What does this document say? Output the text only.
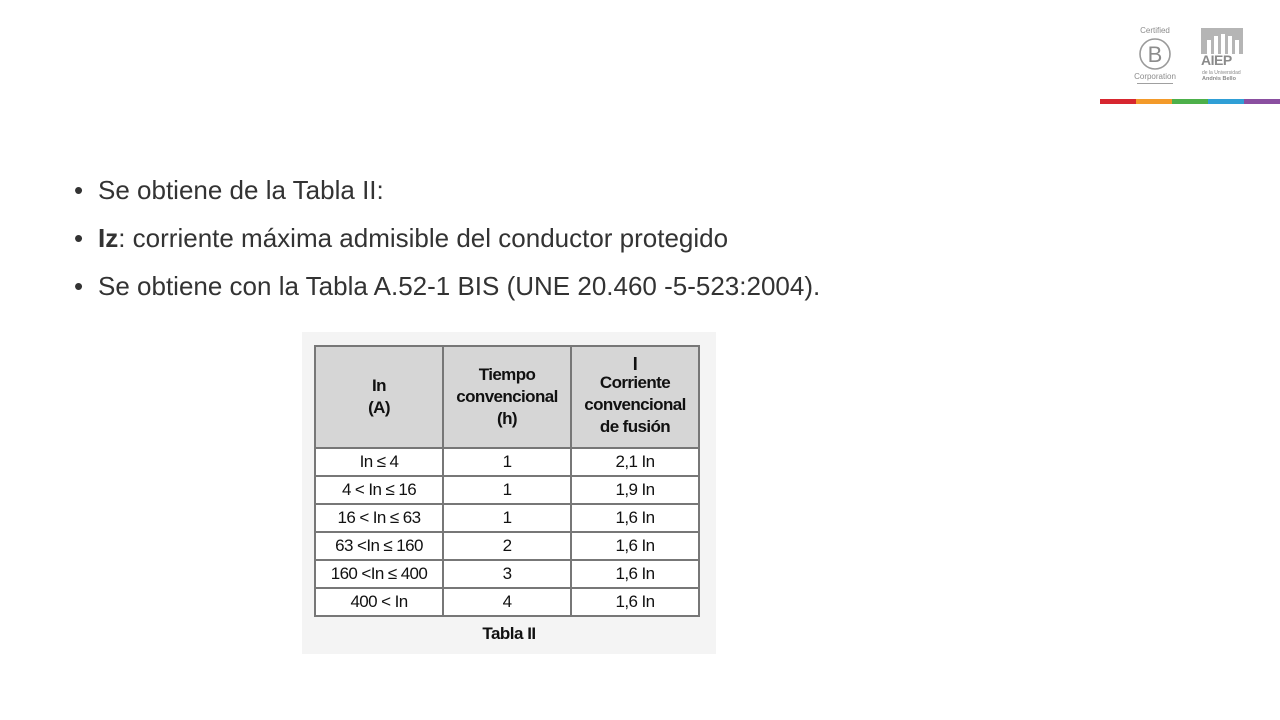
Certified
Corporation
B	AIEP
de la Universidad
Andrés Bello
• Se obtiene de la Tabla II:
• Iz: corriente máxima admisible del conductor protegido
• Se obtiene con la Tabla A.52-1 BIS (UNE 20.460 -5-523:2004).
In
(A)	Tiempo
convencional
(h)	I
Corriente
convencional
de fusión

In ≤ 4	1	2,1 In
4 < In ≤ 16	1	1,9 In
16 < In ≤ 63	1	1,6 In
63 <In ≤ 160	2	1,6 In
160 <In ≤ 400	3	1,6 In
400 < In	4	1,6 In
Tabla II
